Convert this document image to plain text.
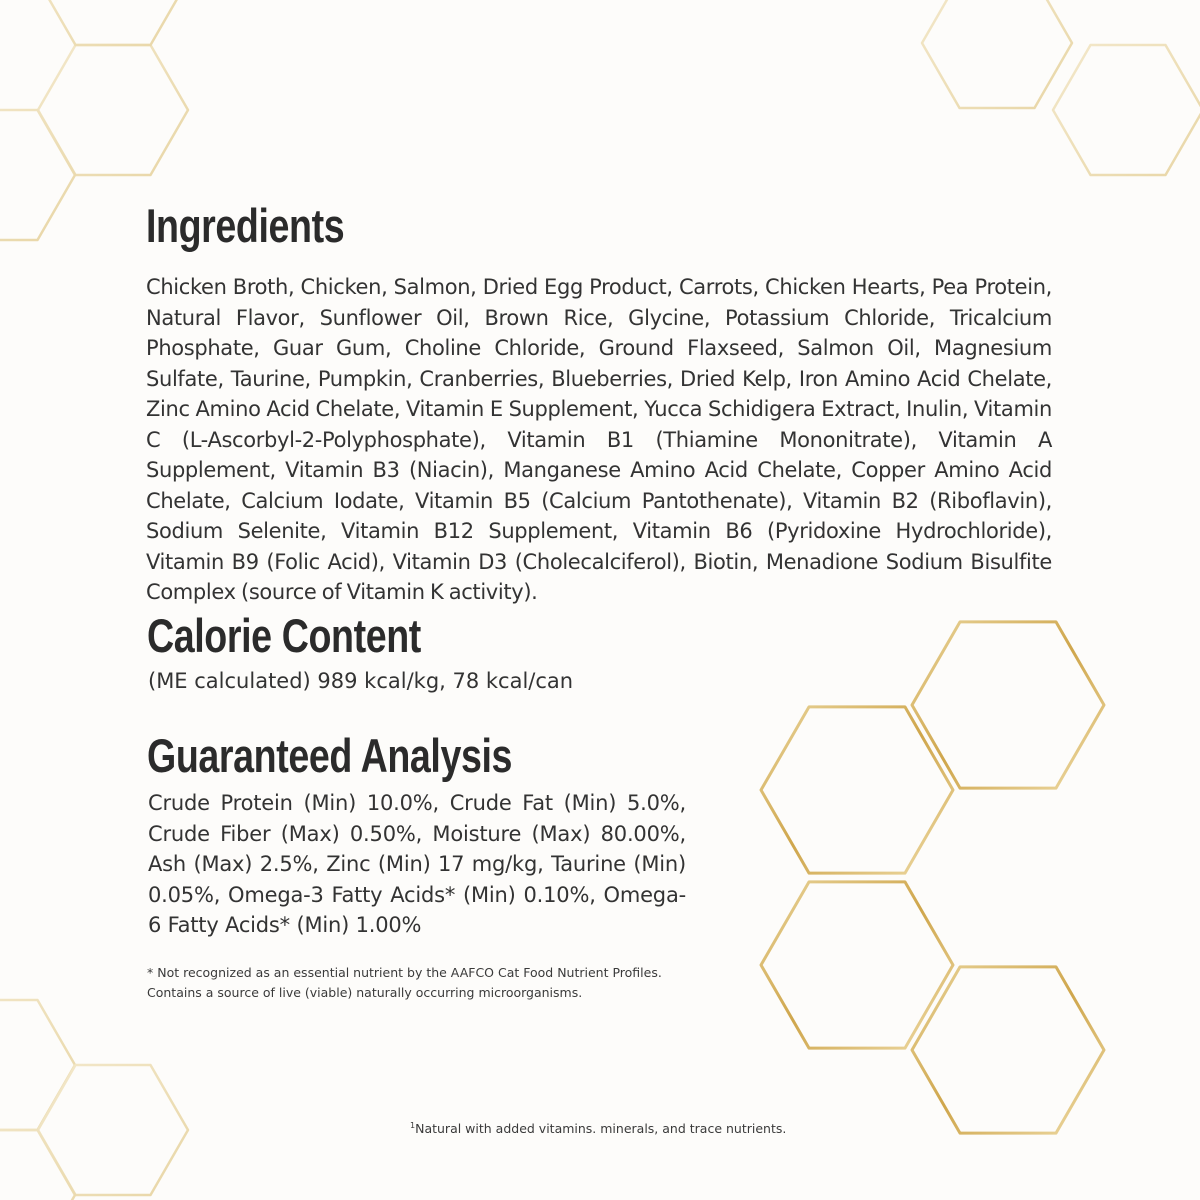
Ingredients

Chicken Broth, Chicken, Salmon, Dried Egg Product, Carrots, Chicken Hearts, Pea Protein, Natural Flavor, Sunflower Oil, Brown Rice, Glycine, Potassium Chloride, Tricalcium Phosphate, Guar Gum, Choline Chloride, Ground Flaxseed, Salmon Oil, Magnesium Sulfate, Taurine, Pumpkin, Cranberries, Blueberries, Dried Kelp, Iron Amino Acid Chelate, Zinc Amino Acid Chelate, Vitamin E Supplement, Yucca Schidigera Extract, Inulin, Vitamin C (L-Ascorbyl-2-Polyphosphate), Vitamin B1 (Thiamine Mononitrate), Vitamin A Supplement, Vitamin B3 (Niacin), Manganese Amino Acid Chelate, Copper Amino Acid Chelate, Calcium Iodate, Vitamin B5 (Calcium Pantothenate), Vitamin B2 (Riboflavin), Sodium Selenite, Vitamin B12 Supplement, Vitamin B6 (Pyridoxine Hydrochloride), Vitamin B9 (Folic Acid), Vitamin D3 (Cholecalciferol), Biotin, Menadione Sodium Bisulfite Complex (source of Vitamin K activity).

Calorie Content

(ME calculated) 989 kcal/kg, 78 kcal/can

Guaranteed Analysis

Crude Protein (Min) 10.0%, Crude Fat (Min) 5.0%, Crude Fiber (Max) 0.50%, Moisture (Max) 80.00%, Ash (Max) 2.5%, Zinc (Min) 17 mg/kg, Taurine (Min) 0.05%, Omega-3 Fatty Acids* (Min) 0.10%, Omega-6 Fatty Acids* (Min) 1.00%

* Not recognized as an essential nutrient by the AAFCO Cat Food Nutrient Profiles.

Contains a source of live (viable) naturally occurring microorganisms.

$^1$Natural with added vitamins. minerals, and trace nutrients.
